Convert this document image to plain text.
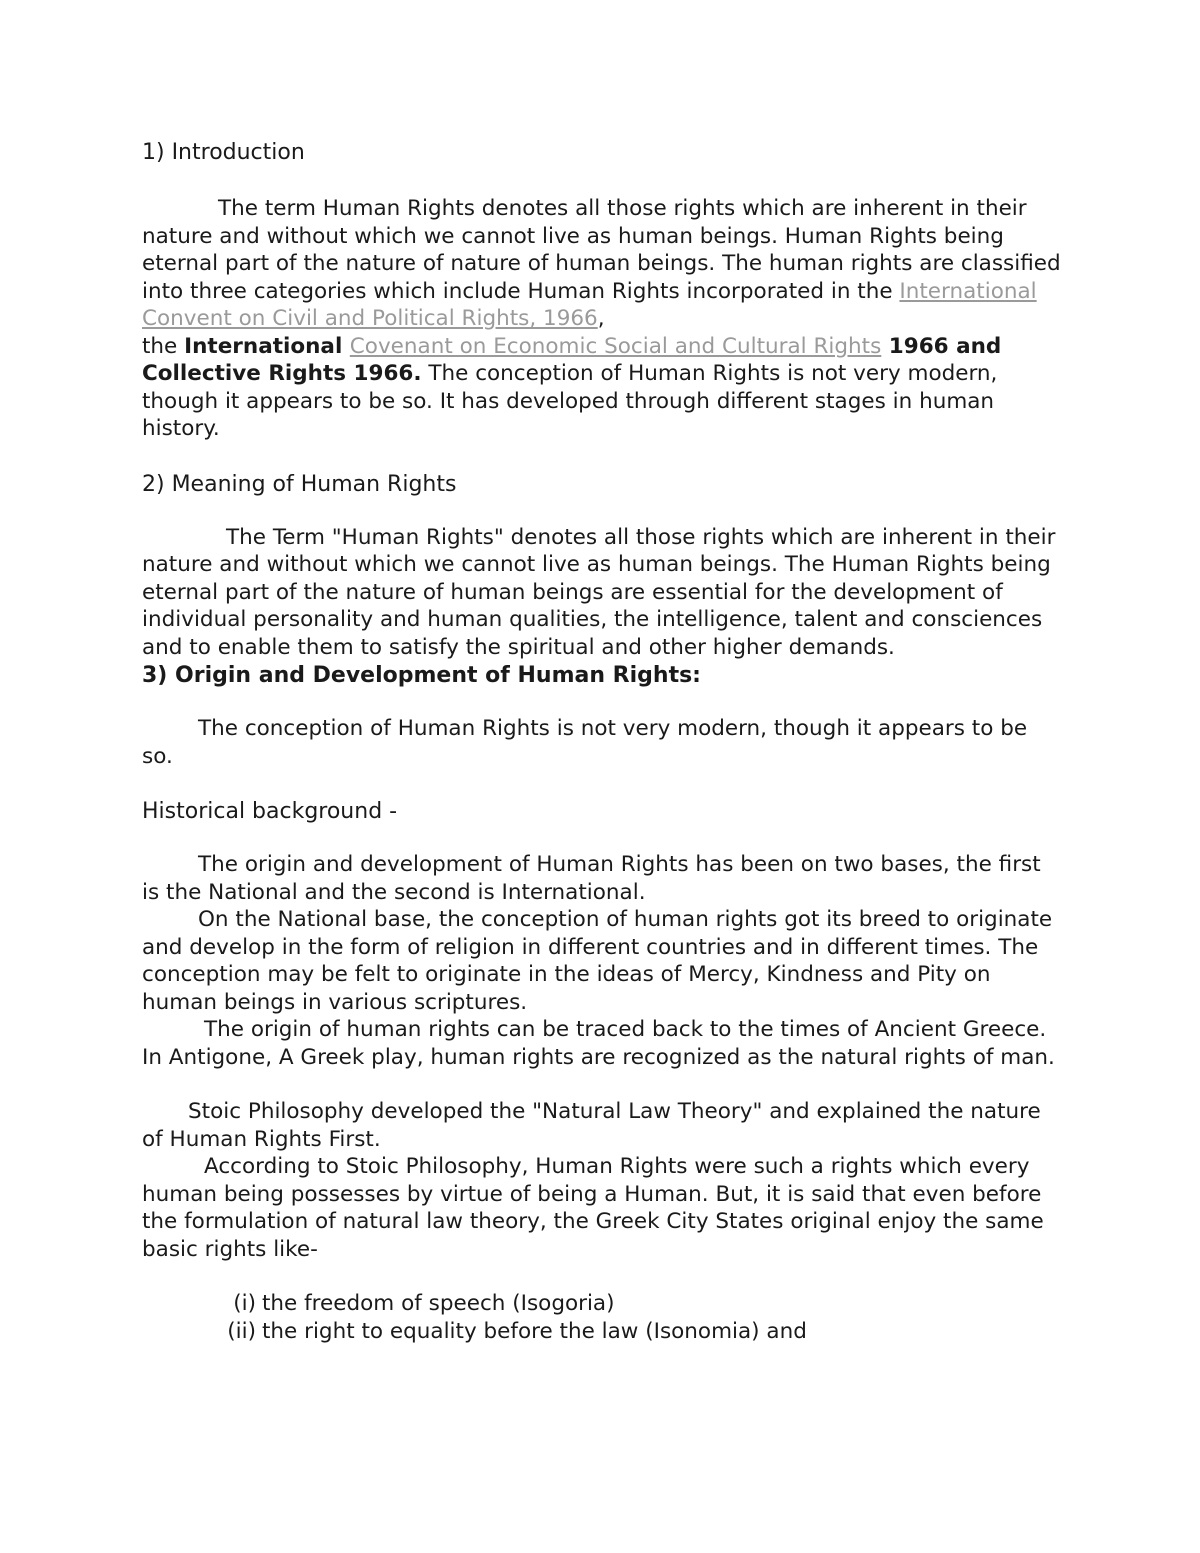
1) Introduction

The term Human Rights denotes all those rights which are inherent in their nature and without which we cannot live as human beings. Human Rights being eternal part of the nature of nature of human beings. The human rights are classified into three categories which include Human Rights incorporated in the International Convent on Civil and Political Rights, 1966,
the International Covenant on Economic Social and Cultural Rights 1966 and Collective Rights 1966. The conception of Human Rights is not very modern, though it appears to be so. It has developed through different stages in human history.

2) Meaning of Human Rights

The Term "Human Rights" denotes all those rights which are inherent in their nature and without which we cannot live as human beings. The Human Rights being eternal part of the nature of human beings are essential for the development of individual personality and human qualities, the intelligence, talent and consciences and to enable them to satisfy the spiritual and other higher demands.

3) Origin and Development of Human Rights:

The conception of Human Rights is not very modern, though it appears to be so.

Historical background -

The origin and development of Human Rights has been on two bases, the first is the National and the second is International.

On the National base, the conception of human rights got its breed to originate and develop in the form of religion in different countries and in different times. The conception may be felt to originate in the ideas of Mercy, Kindness and Pity on human beings in various scriptures.

The origin of human rights can be traced back to the times of Ancient Greece. In Antigone, A Greek play, human rights are recognized as the natural rights of man.

Stoic Philosophy developed the "Natural Law Theory" and explained the nature of Human Rights First.

According to Stoic Philosophy, Human Rights were such a rights which every human being possesses by virtue of being a Human. But, it is said that even before the formulation of natural law theory, the Greek City States original enjoy the same basic rights like-

(i) the freedom of speech (Isogoria)
(ii) the right to equality before the law (Isonomia) and
